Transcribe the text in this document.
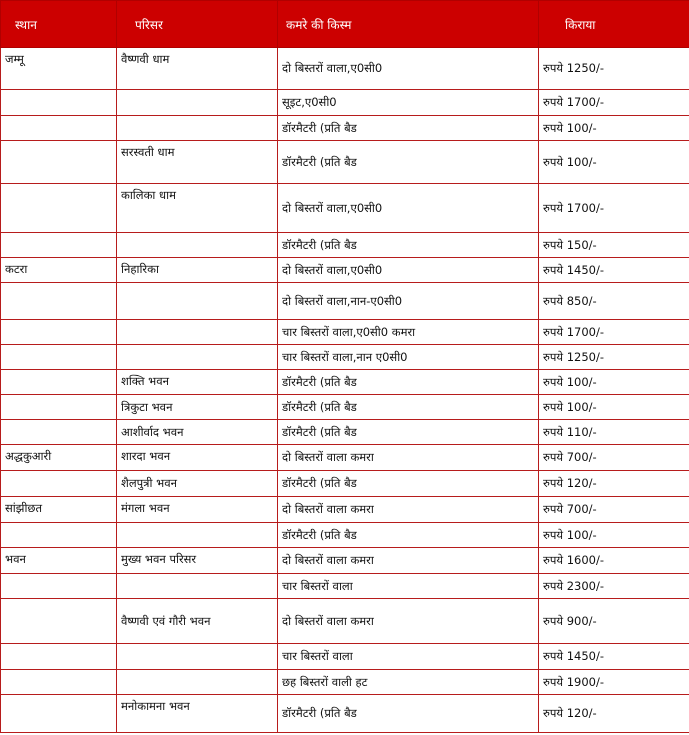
स्थान	परिसर	कमरे की किस्म	किराया
जम्मू	वैष्णवी धाम	दो बिस्तरों वाला,ए0सी0	रुपये 1250/-
		सूइट,ए0सी0	रुपये 1700/-
		डॉरमैटरी (प्रति बैड	रुपये 100/-
	सरस्वती धाम	डॉरमैटरी (प्रति बैड	रुपये 100/-
	कालिका धाम	दो बिस्तरों वाला,ए0सी0	रुपये 1700/-
		डॉरमैटरी (प्रति बैड	रुपये 150/-
कटरा	निहारिका	दो बिस्तरों वाला,ए0सी0	रुपये 1450/-
		दो बिस्तरों वाला,नान-ए0सी0	रुपये 850/-
		चार बिस्तरों वाला,ए0सी0 कमरा	रुपये 1700/-
		चार बिस्तरों वाला,नान ए0सी0	रुपये 1250/-
	शक्ति भवन	डॉरमैटरी (प्रति बैड	रुपये 100/-
	त्रिकुटा भवन	डॉरमैटरी (प्रति बैड	रुपये 100/-
	आशीर्वाद भवन	डॉरमैटरी (प्रति बैड	रुपये 110/-
अद्धकुआरी	शारदा भवन	दो बिस्तरों वाला कमरा	रुपये 700/-
	शैलपुत्री भवन	डॉरमैटरी (प्रति बैड	रुपये 120/-
सांझीछत	मंगला भवन	दो बिस्तरों वाला कमरा	रुपये 700/-
		डॉरमैटरी (प्रति बैड	रुपये 100/-
भवन	मुख्य भवन परिसर	दो बिस्तरों वाला कमरा	रुपये 1600/-
		चार बिस्तरों वाला	रुपये 2300/-
	वैष्णवी एवं गौरी भवन	दो बिस्तरों वाला कमरा	रुपये 900/-
		चार बिस्तरों वाला	रुपये 1450/-
		छह बिस्तरों वाली हट	रुपये 1900/-
	मनोकामना भवन	डॉरमैटरी (प्रति बैड	रुपये 120/-
